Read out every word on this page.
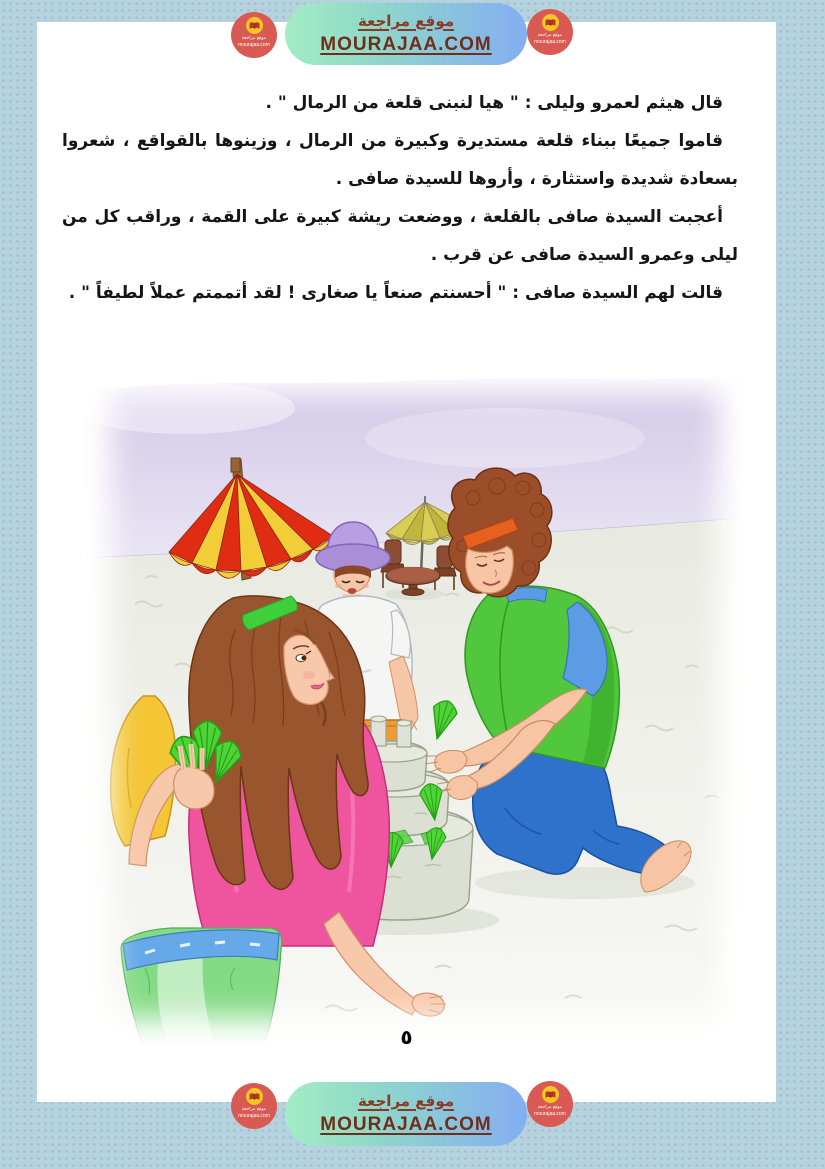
موقع مراجعة
mourajaa.com
موقع مراجعة
MOURAJAA.COM	موقع مراجعة
mourajaa.com

قال هيثم لعمرو وليلى : " هيا لنبنى قلعة من الرمال " .

قاموا جميعًا ببناء قلعة مستديرة وكبيرة من الرمال ، وزينوها بالقواقع ، شعروا بسعادة شديدة واستثارة ، وأروها للسيدة صافى .

أعجبت السيدة صافى بالقلعة ، ووضعت ريشة كبيرة على القمة ، وراقب كل من ليلى وعمرو السيدة صافى عن قرب .

قالت لهم السيدة صافى : " أحسنتم صنعاً يا صغارى ! لقد أتممتم عملاً لطيفاً " .

٥
موقع مراجعة
mourajaa.com
موقع مراجعة
MOURAJAA.COM
موقع مراجعة
mourajaa.com
